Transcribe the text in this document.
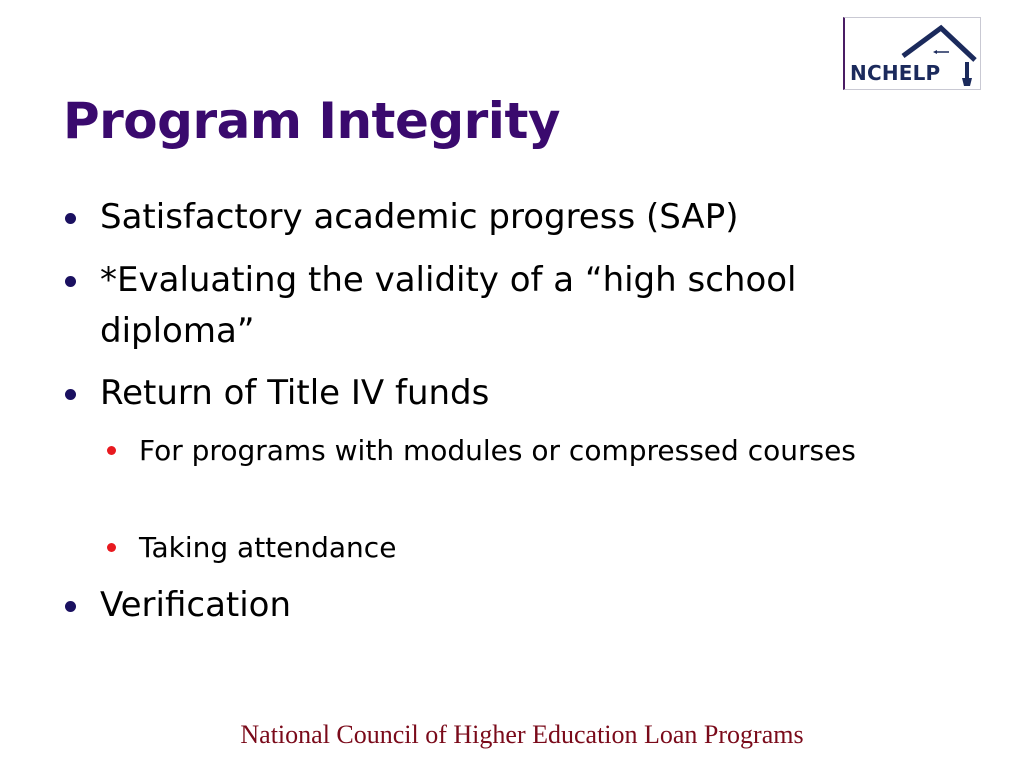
NCHELP
Program Integrity
Satisfactory academic progress (SAP)
*Evaluating the validity of a “high school diploma”
Return of Title IV funds
For programs with modules or compressed courses
Taking attendance
Verification
National Council of Higher Education Loan Programs
